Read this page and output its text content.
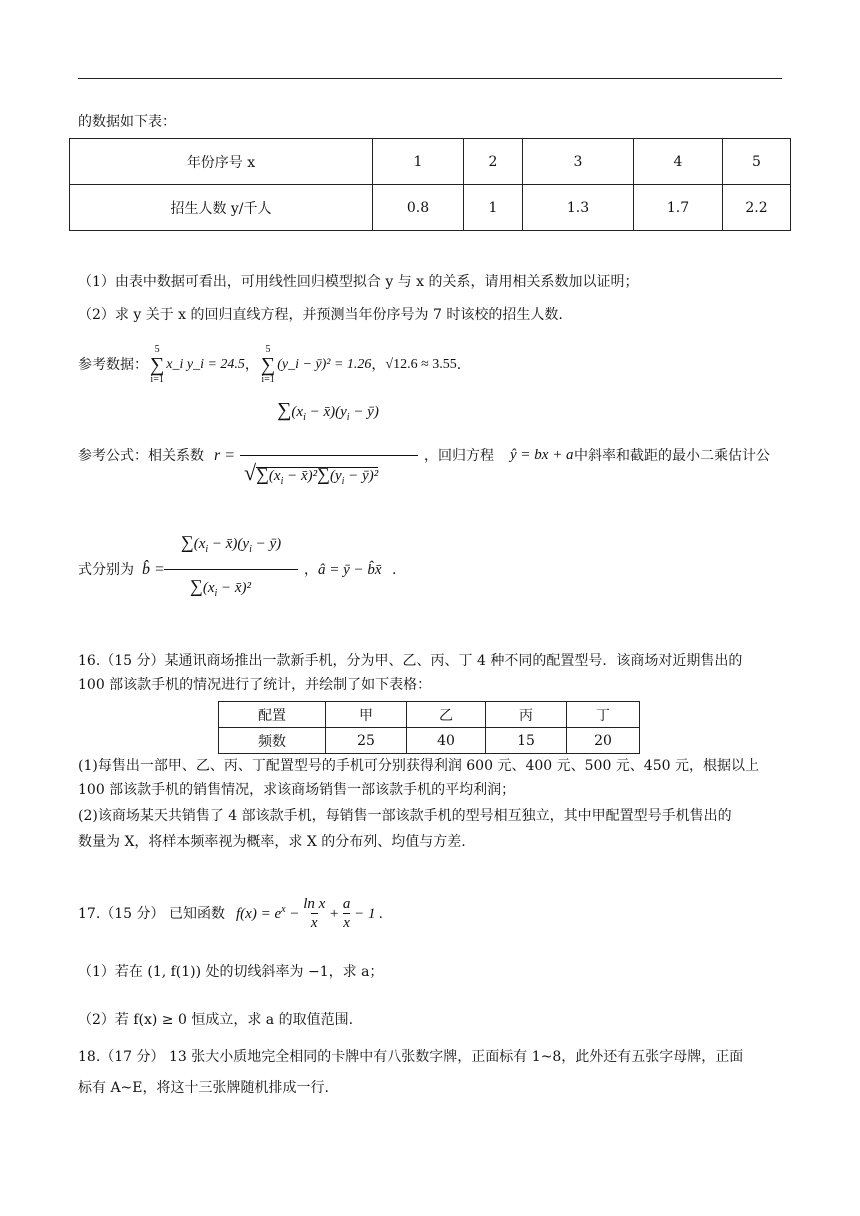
的数据如下表：
年份序号 x	1	2	3	4	5
招生人数 y/千人	0.8	1	1.3	1.7	2.2
（1）由表中数据可看出，可用线性回归模型拟合 y 与 x 的关系，请用相关系数加以证明；
（2）求 y 关于 x 的回归直线方程，并预测当年份序号为 7 时该校的招生人数.
参考数据：
5
∑
i=1
x_i y_i = 24.5 ，
5
∑
i=1
(y_i − ȳ)² = 1.26 ， √12.6 ≈ 3.55 .
参考公式：相关系数 r =
$\sum(x_i$ − $x̄)(y_i$ − ȳ)
$√\sum(x_i$ − $x̄)^2\sum(y_i$ − ȳ)²
，回归方程 ŷ = bx + a 中斜率和截距的最小二乘估计公
式分别为 b̂ =
$\sum(x_i$ − $x̄)(y_i$ − ȳ)
$\sum(x_i$ − x̄)²
， â = ȳ − b̂x̄ .
16.（15 分）某通讯商场推出一款新手机，分为甲、乙、丙、丁 4 种不同的配置型号．该商场对近期售出的
100 部该款手机的情况进行了统计，并绘制了如下表格：
配置	甲	乙	丙	丁
频数	25	40	15	20
(1)每售出一部甲、乙、丙、丁配置型号的手机可分别获得利润 600 元、400 元、500 元、450 元，根据以上
100 部该款手机的销售情况，求该商场销售一部该款手机的平均利润；
(2)该商场某天共销售了 4 部该款手机，每销售一部该款手机的型号相互独立，其中甲配置型号手机售出的
数量为 X，将样本频率视为概率，求 X 的分布列、均值与方差.
17.（15 分） 已知函数 $f(x) = e^x - \frac{\text{ln x}}{x} + \frac{a}{x} - 1$ .
（1）若在 (1, f(1)) 处的切线斜率为 −1，求 a；
（2）若 f(x) ≥ 0 恒成立，求 a 的取值范围.
18.（17 分） 13 张大小质地完全相同的卡牌中有八张数字牌，正面标有 1~8，此外还有五张字母牌，正面
标有 A~E，将这十三张牌随机排成一行.
